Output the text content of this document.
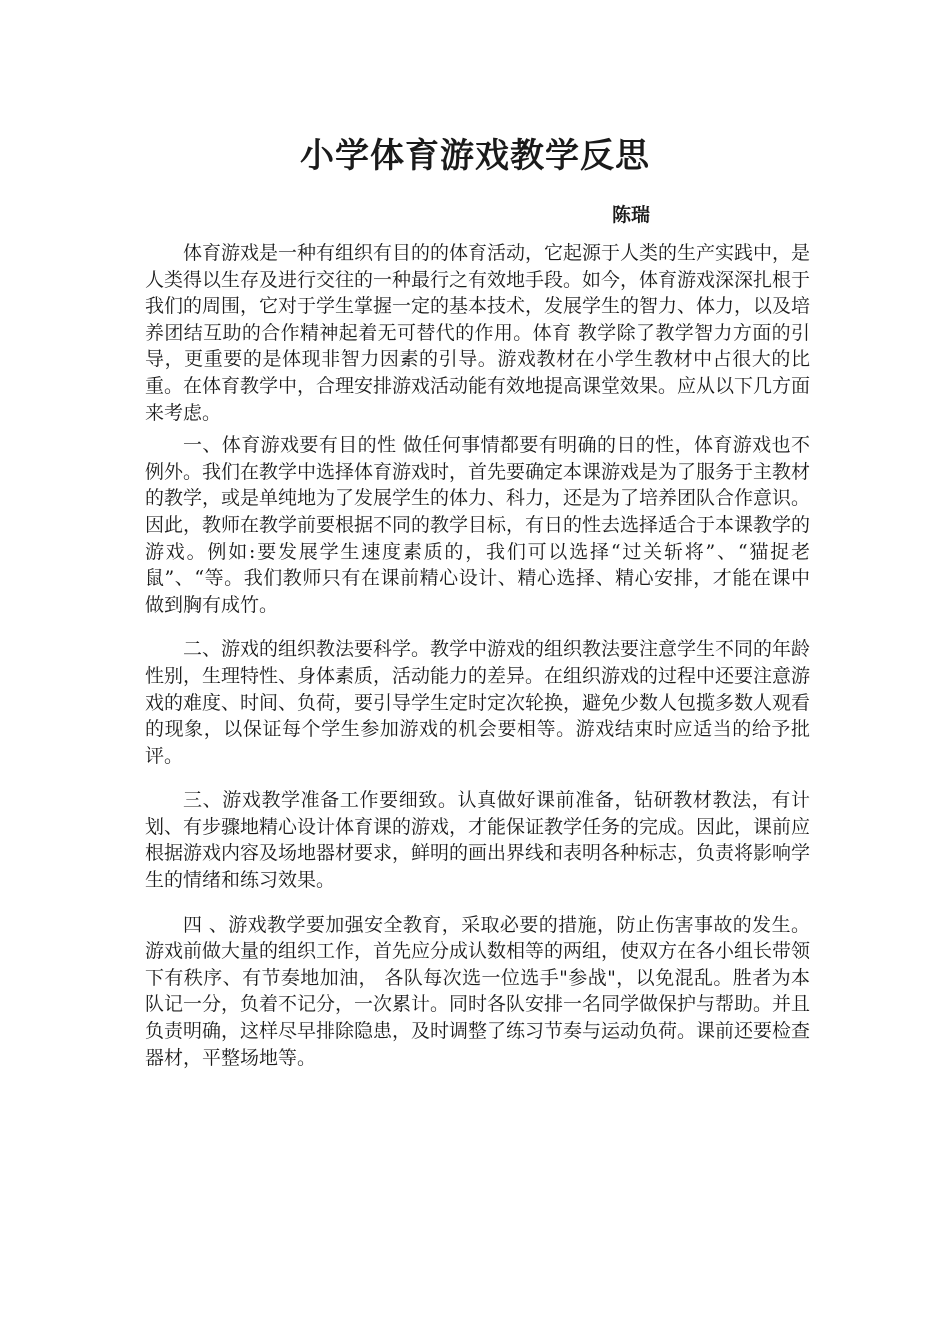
小学体育游戏教学反思
陈瑞

体育游戏是一种有组织有目的的体育活动，它起源于人类的生产实践中，是人类得以生存及进行交往的一种最行之有效地手段。如今，体育游戏深深扎根于我们的周围，它对于学生掌握一定的基本技术，发展学生的智力、体力，以及培养团结互助的合作精神起着无可替代的作用。体育 教学除了教学智力方面的引导，更重要的是体现非智力因素的引导。游戏教材在小学生教材中占很大的比重。在体育教学中，合理安排游戏活动能有效地提高课堂效果。应从以下几方面来考虑。

一、体育游戏要有目的性 做任何事情都要有明确的日的性，体育游戏也不例外。我们在教学中选择体育游戏时，首先要确定本课游戏是为了服务于主教材的教学，或是单纯地为了发展学生的体力、科力，还是为了培养团队合作意识。因此，教师在教学前要根据不同的教学目标，有日的性去选择适合于本课教学的游戏。例如:要发展学生速度素质的，我们可以选择“过关斩将”、“猫捉老鼠”、“等。我们教师只有在课前精心设计、精心选择、精心安排，才能在课中做到胸有成竹。

二、游戏的组织教法要科学。教学中游戏的组织教法要注意学生不同的年龄性别，生理特性、身体素质，活动能力的差异。在组织游戏的过程中还要注意游戏的难度、时间、负荷，要引导学生定时定次轮换，避免少数人包揽多数人观看的现象，以保证每个学生参加游戏的机会要相等。游戏结束时应适当的给予批评。

三、游戏教学准备工作要细致。认真做好课前准备，钻研教材教法，有计划、有步骤地精心设计体育课的游戏，才能保证教学任务的完成。因此，课前应根据游戏内容及场地器材要求，鲜明的画出界线和表明各种标志，负责将影响学生的情绪和练习效果。

四 、游戏教学要加强安全教育，采取必要的措施，防止伤害事故的发生。游戏前做大量的组织工作，首先应分成认数相等的两组，使双方在各小组长带领下有秩序、有节奏地加油， 各队每次选一位选手"参战"，以免混乱。胜者为本队记一分，负着不记分，一次累计。同时各队安排一名同学做保护与帮助。并且负责明确，这样尽早排除隐患，及时调整了练习节奏与运动负荷。课前还要检查器材，平整场地等。
